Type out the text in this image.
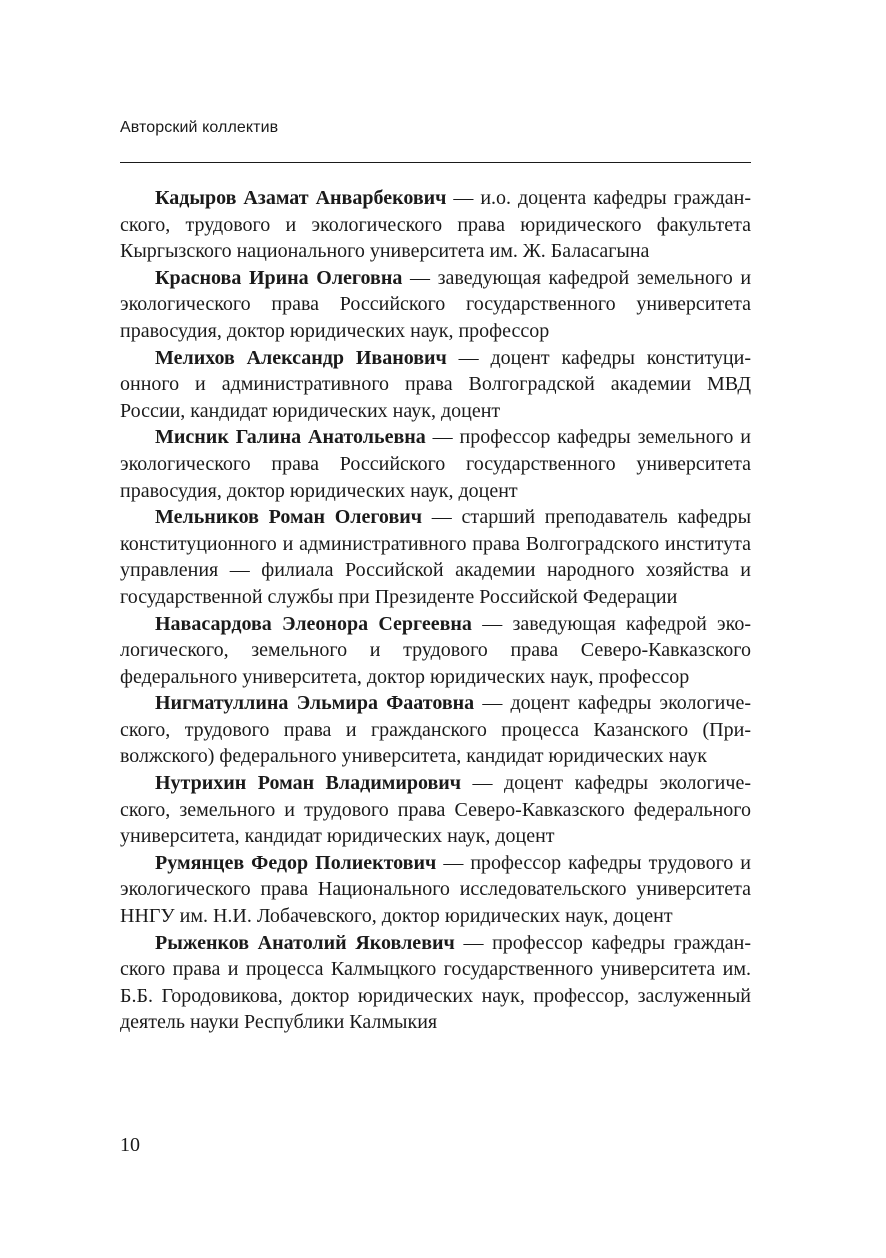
Авторский коллектив

Кадыров Азамат Анварбекович — и.о. доцента кафедры гражданского, трудового и экологического права юридического факультета Кыргызского национального университета им. Ж. Баласагына

Краснова Ирина Олеговна — заведующая кафедрой земельного и экологического права Российского государственного университета правосудия, доктор юридических наук, профессор

Мелихов Александр Иванович — доцент кафедры конституционного и административного права Волгоградской академии МВД России, кандидат юридических наук, доцент

Мисник Галина Анатольевна — профессор кафедры земельного и экологического права Российского государственного университета правосудия, доктор юридических наук, доцент

Мельников Роман Олегович — старший преподаватель кафедры конституционного и административного права Волгоградского института управления — филиала Российской академии народного хозяйства и государственной службы при Президенте Российской Федерации

Навасардова Элеонора Сергеевна — заведующая кафедрой экологического, земельного и трудового права Северо-Кавказского федерального университета, доктор юридических наук, профессор

Нигматуллина Эльмира Фаатовна — доцент кафедры экологического, трудового права и гражданского процесса Казанского (Приволжского) федерального университета, кандидат юридических наук

Нутрихин Роман Владимирович — доцент кафедры экологического, земельного и трудового права Северо-Кавказского федерального университета, кандидат юридических наук, доцент

Румянцев Федор Полиектович — профессор кафедры трудового и экологического права Национального исследовательского университета ННГУ им. Н.И. Лобачевского, доктор юридических наук, доцент

Рыженков Анатолий Яковлевич — профессор кафедры гражданского права и процесса Калмыцкого государственного университета им. Б.Б. Городовикова, доктор юридических наук, профессор, заслуженный деятель науки Республики Калмыкия

10
